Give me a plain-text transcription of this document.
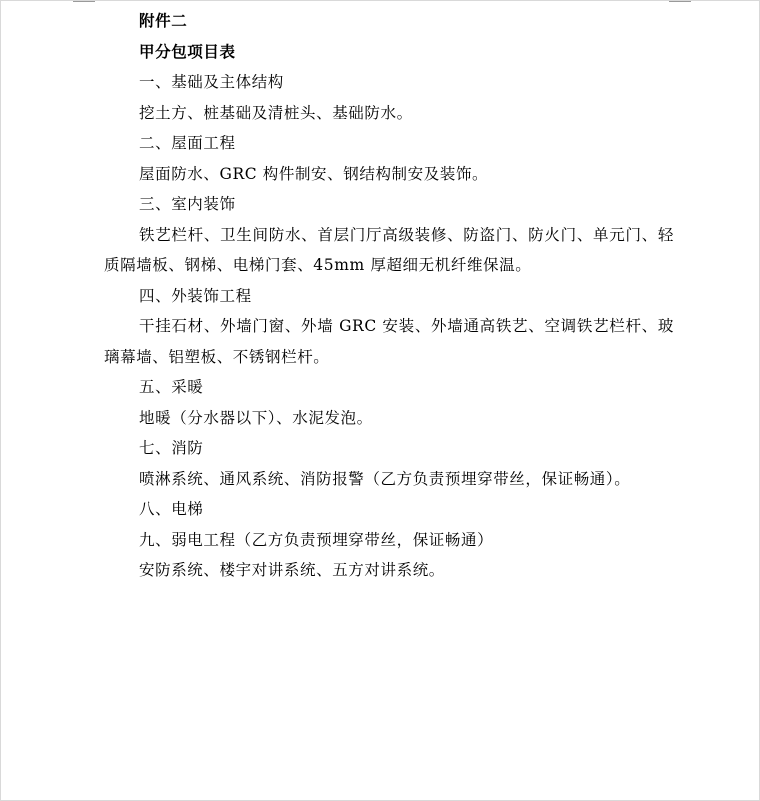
附件二
甲分包项目表
一、基础及主体结构
挖土方、桩基础及清桩头、基础防水。
二、屋面工程
屋面防水、GRC 构件制安、钢结构制安及装饰。
三、室内装饰
铁艺栏杆、卫生间防水、首层门厅高级装修、防盗门、防火门、单元门、轻质隔墙板、钢梯、电梯门套、45mm 厚超细无机纤维保温。
四、外装饰工程
干挂石材、外墙门窗、外墙 GRC 安装、外墙通高铁艺、空调铁艺栏杆、玻璃幕墙、铝塑板、不锈钢栏杆。
五、采暖
地暖（分水器以下）、水泥发泡。
七、消防
喷淋系统、通风系统、消防报警（乙方负责预埋穿带丝，保证畅通）。
八、电梯
九、弱电工程（乙方负责预埋穿带丝，保证畅通）
安防系统、楼宇对讲系统、五方对讲系统。
